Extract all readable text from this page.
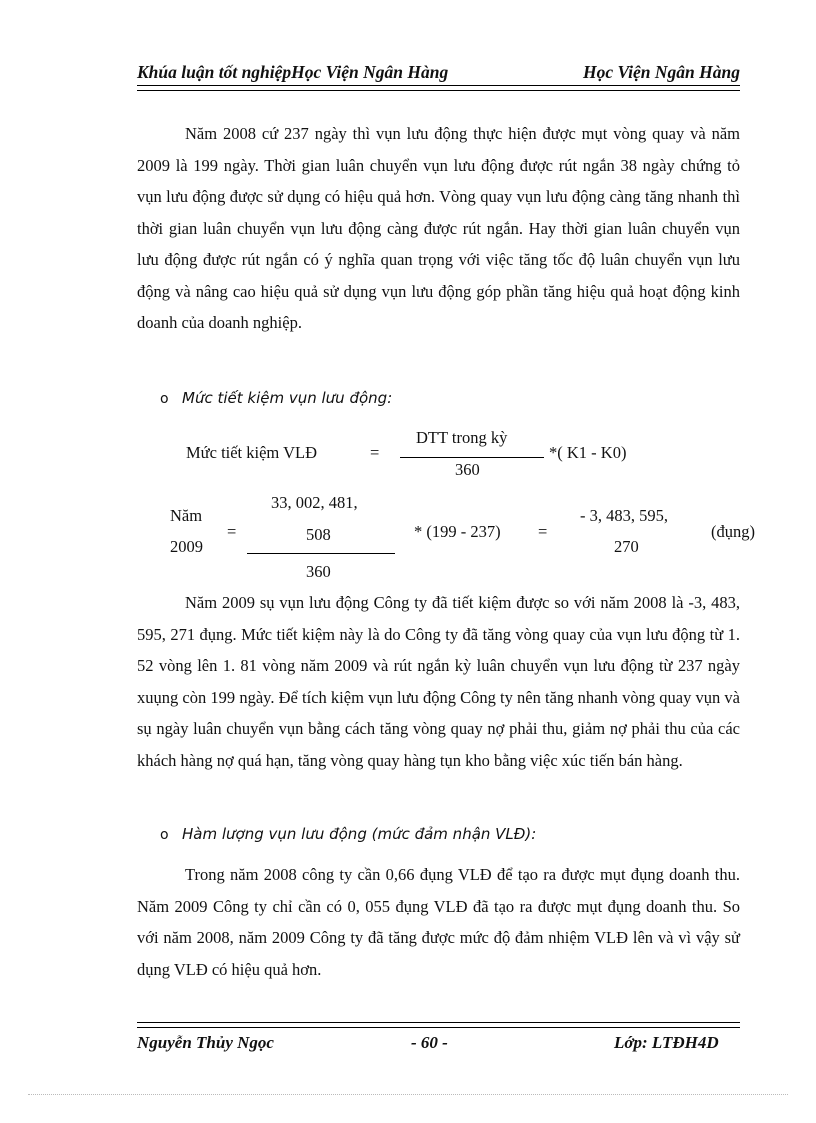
Khúa luận tốt nghiệpHọc Viện Ngân Hàng	Học Viện Ngân Hàng

Năm 2008 cứ 237 ngày thì vụn lưu động thực hiện được mụt vòng quay và năm 2009 là 199 ngày. Thời gian luân chuyển vụn lưu động được rút ngắn 38 ngày chứng tỏ vụn lưu động được sử dụng có hiệu quả hơn. Vòng quay vụn lưu động càng tăng nhanh thì thời gian luân chuyển vụn lưu động càng được rút ngắn. Hay thời gian luân chuyển vụn lưu động được rút ngắn có ý nghĩa quan trọng với việc tăng tốc độ luân chuyển vụn lưu động và nâng cao hiệu quả sử dụng vụn lưu động góp phần tăng hiệu quả hoạt động kinh doanh của doanh nghiệp.

o Mức tiết kiệm vụn lưu động:
Mức tiết kiệm VLĐ	=
DTT trong kỳ
360
*( K1 - K0)
Năm
2009
=
33, 002, 481,
508
360
* (199 - 237) =
- 3, 483, 595,
270
(đụng)

Năm 2009 sụ vụn lưu động Công ty đã tiết kiệm được so với năm 2008 là -3, 483, 595, 271 đụng. Mức tiết kiệm này là do Công ty đã tăng vòng quay của vụn lưu động từ 1. 52 vòng lên 1. 81 vòng năm 2009 và rút ngắn kỳ luân chuyển vụn lưu động từ 237 ngày xuụng còn 199 ngày. Để tích kiệm vụn lưu động Công ty nên tăng nhanh vòng quay vụn và sụ ngày luân chuyển vụn bằng cách tăng vòng quay nợ phải thu, giảm nợ phải thu của các khách hàng nợ quá hạn, tăng vòng quay hàng tụn kho bằng việc xúc tiến bán hàng.

o Hàm lượng vụn lưu động (mức đảm nhận VLĐ):

Trong năm 2008 công ty cần 0,66 đụng VLĐ để tạo ra được mụt đụng doanh thu. Năm 2009 Công ty chỉ cần có 0, 055 đụng VLĐ đã tạo ra được mụt đụng doanh thu. So với năm 2008, năm 2009 Công ty đã tăng được mức độ đảm nhiệm VLĐ lên và vì vậy sử dụng VLĐ có hiệu quả hơn.

Nguyễn Thủy Ngọc	- 60 -	Lớp: LTĐH4D
